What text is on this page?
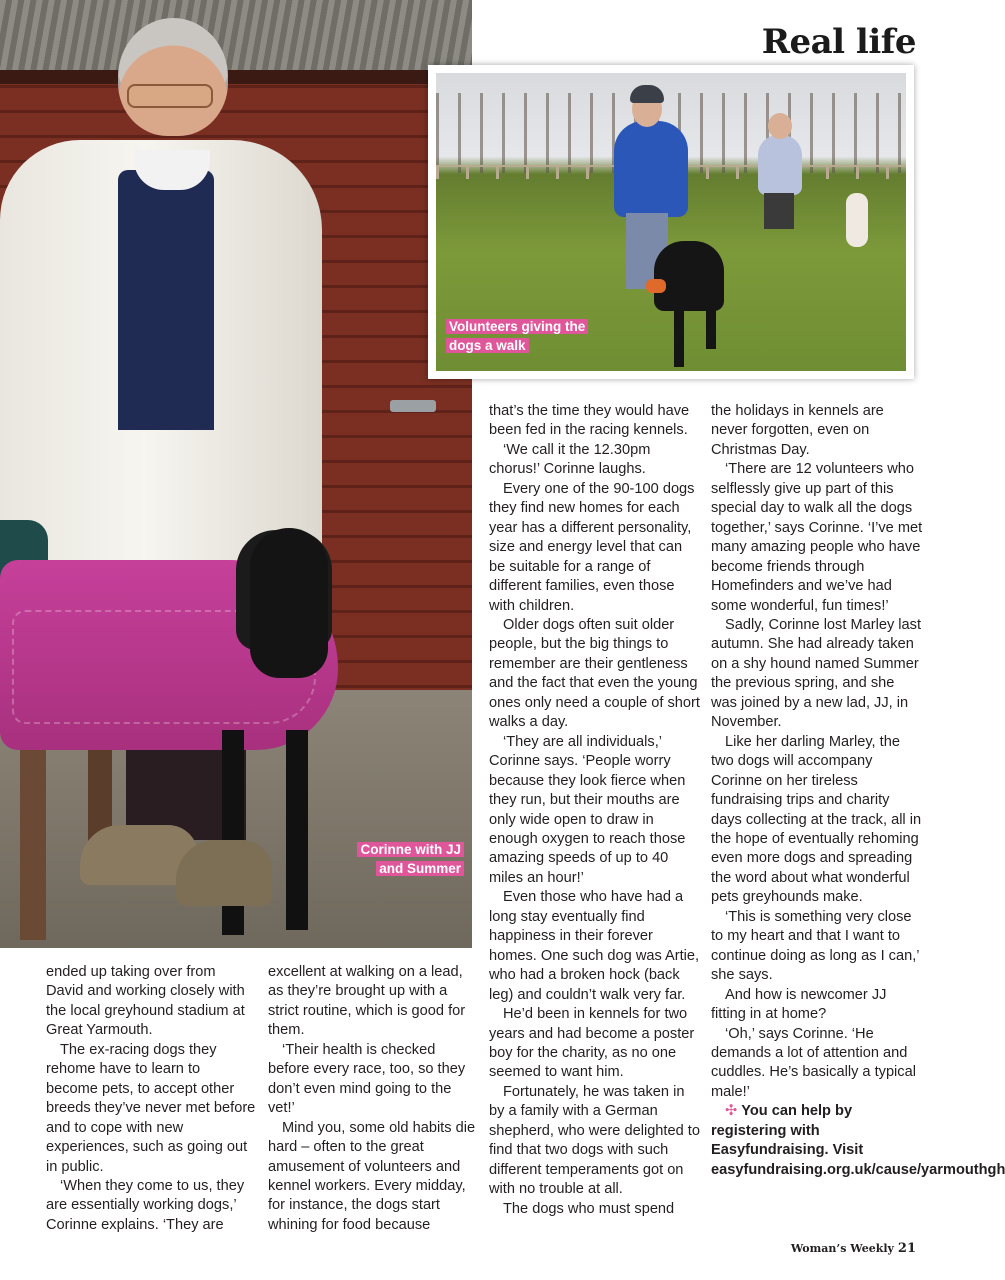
Corinne with JJ and Summer
Volunteers giving the dogs a walk
Real life

ended up taking over from David and working closely with the local greyhound stadium at Great Yarmouth.

The ex-racing dogs they rehome have to learn to become pets, to accept other breeds they’ve never met before and to cope with new experiences, such as going out in public.

‘When they come to us, they are essentially working dogs,’ Corinne explains. ‘They are

excellent at walking on a lead, as they’re brought up with a strict routine, which is good for them.

‘Their health is checked before every race, too, so they don’t even mind going to the vet!’

Mind you, some old habits die hard – often to the great amusement of volunteers and kennel workers. Every midday, for instance, the dogs start whining for food because

that’s the time they would have been fed in the racing kennels.

‘We call it the 12.30pm chorus!’ Corinne laughs.

Every one of the 90-100 dogs they find new homes for each year has a different personality, size and energy level that can be suitable for a range of different families, even those with children.

Older dogs often suit older people, but the big things to remember are their gentleness and the fact that even the young ones only need a couple of short walks a day.

‘They are all individuals,’ Corinne says. ‘People worry because they look fierce when they run, but their mouths are only wide open to draw in enough oxygen to reach those amazing speeds of up to 40 miles an hour!’

Even those who have had a long stay eventually find happiness in their forever homes. One such dog was Artie, who had a broken hock (back leg) and couldn’t walk very far.

He’d been in kennels for two years and had become a poster boy for the charity, as no one seemed to want him.

Fortunately, he was taken in by a family with a German shepherd, who were delighted to find that two dogs with such different temperaments got on with no trouble at all.

The dogs who must spend

the holidays in kennels are never forgotten, even on Christmas Day.

‘There are 12 volunteers who selflessly give up part of this special day to walk all the dogs together,’ says Corinne. ‘I’ve met many amazing people who have become friends through Homefinders and we’ve had some wonderful, fun times!’

Sadly, Corinne lost Marley last autumn. She had already taken on a shy hound named Summer the previous spring, and she was joined by a new lad, JJ, in November.

Like her darling Marley, the two dogs will accompany Corinne on her tireless fundraising trips and charity days collecting at the track, all in the hope of eventually rehoming even more dogs and spreading the word about what wonderful pets greyhounds make.

‘This is something very close to my heart and that I want to continue doing as long as I can,’ she says.

And how is newcomer JJ fitting in at home?

‘Oh,’ says Corinne. ‘He demands a lot of attention and cuddles. He’s basically a typical male!’

✣ You can help by registering with Easyfundraising. Visit easyfundraising.org.uk/cause/yarmouthgh

Woman’s Weekly 21
